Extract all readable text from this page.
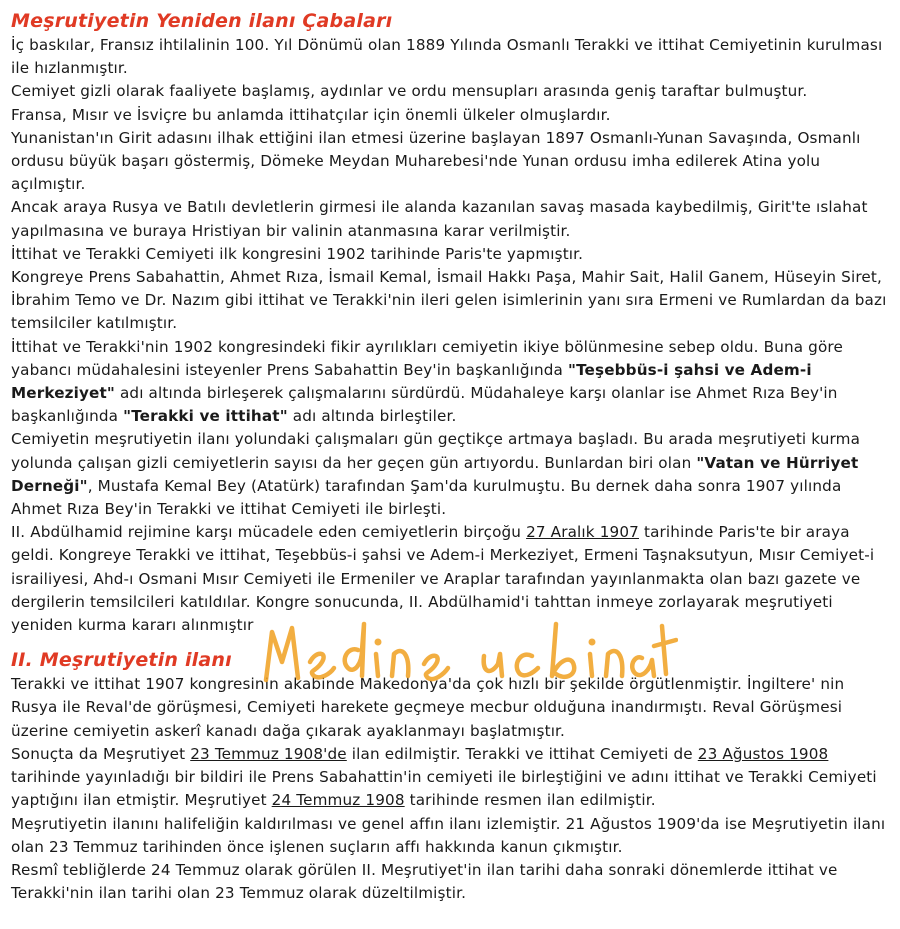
Meşrutiyetin Yeniden ilanı Çabaları

İç baskılar, Fransız ihtilalinin 100. Yıl Dönümü olan 1889 Yılında Osmanlı Terakki ve ittihat Cemiyetinin kurulması ile hızlanmıştır.

Cemiyet gizli olarak faaliyete başlamış, aydınlar ve ordu mensupları arasında geniş taraftar bulmuştur.

Fransa, Mısır ve İsviçre bu anlamda ittihatçılar için önemli ülkeler olmuşlardır.

Yunanistan'ın Girit adasını ilhak ettiğini ilan etmesi üzerine başlayan 1897 Osmanlı-Yunan Savaşında, Osmanlı ordusu büyük başarı göstermiş, Dömeke Meydan Muharebesi'nde Yunan ordusu imha edilerek Atina yolu açılmıştır.

Ancak araya Rusya ve Batılı devletlerin girmesi ile alanda kazanılan savaş masada kaybedilmiş, Girit'te ıslahat yapılmasına ve buraya Hristiyan bir valinin atanmasına karar verilmiştir.

İttihat ve Terakki Cemiyeti ilk kongresini 1902 tarihinde Paris'te yapmıştır.

Kongreye Prens Sabahattin, Ahmet Rıza, İsmail Kemal, İsmail Hakkı Paşa, Mahir Sait, Halil Ganem, Hüseyin Siret, İbrahim Temo ve Dr. Nazım gibi ittihat ve Terakki'nin ileri gelen isimlerinin yanı sıra Ermeni ve Rumlardan da bazı temsilciler katılmıştır.

İttihat ve Terakki'nin 1902 kongresindeki fikir ayrılıkları cemiyetin ikiye bölünmesine sebep oldu. Buna göre yabancı müdahalesini isteyenler Prens Sabahattin Bey'in başkanlığında "Teşebbüs-i şahsi ve Adem-i Merkeziyet" adı altında birleşerek çalışmalarını sürdürdü. Müdahaleye karşı olanlar ise Ahmet Rıza Bey'in başkanlığında "Terakki ve ittihat" adı altında birleştiler.

Cemiyetin meşrutiyetin ilanı yolundaki çalışmaları gün geçtikçe artmaya başladı. Bu arada meşrutiyeti kurma yolunda çalışan gizli cemiyetlerin sayısı da her geçen gün artıyordu. Bunlardan biri olan "Vatan ve Hürriyet Derneği", Mustafa Kemal Bey (Atatürk) tarafından Şam'da kurulmuştu. Bu dernek daha sonra 1907 yılında Ahmet Rıza Bey'in Terakki ve ittihat Cemiyeti ile birleşti.

II. Abdülhamid rejimine karşı mücadele eden cemiyetlerin birçoğu 27 Aralık 1907 tarihinde Paris'te bir araya geldi. Kongreye Terakki ve ittihat, Teşebbüs-i şahsi ve Adem-i Merkeziyet, Ermeni Taşnaksutyun, Mısır Cemiyet-i israiliyesi, Ahd-ı Osmani Mısır Cemiyeti ile Ermeniler ve Araplar tarafından yayınlanmakta olan bazı gazete ve dergilerin temsilcileri katıldılar. Kongre sonucunda, II. Abdülhamid'i tahttan inmeye zorlayarak meşrutiyeti yeniden kurma kararı alınmıştır

II. Meşrutiyetin ilanı

Terakki ve ittihat 1907 kongresinin akabinde Makedonya'da çok hızlı bir şekilde örgütlenmiştir. İngiltere' nin Rusya ile Reval'de görüşmesi, Cemiyeti harekete geçmeye mecbur olduğuna inandırmıştı. Reval Görüşmesi üzerine cemiyetin askerî kanadı dağa çıkarak ayaklanmayı başlatmıştır.

Sonuçta da Meşrutiyet 23 Temmuz 1908'de ilan edilmiştir. Terakki ve ittihat Cemiyeti de 23 Ağustos 1908 tarihinde yayınladığı bir bildiri ile Prens Sabahattin'in cemiyeti ile birleştiğini ve adını ittihat ve Terakki Cemiyeti yaptığını ilan etmiştir. Meşrutiyet 24 Temmuz 1908 tarihinde resmen ilan edilmiştir.

Meşrutiyetin ilanını halifeliğin kaldırılması ve genel affın ilanı izlemiştir. 21 Ağustos 1909'da ise Meşrutiyetin ilanı olan 23 Temmuz tarihinden önce işlenen suçların affı hakkında kanun çıkmıştır.

Resmî tebliğlerde 24 Temmuz olarak görülen II. Meşrutiyet'in ilan tarihi daha sonraki dönemlerde ittihat ve Terakki'nin ilan tarihi olan 23 Temmuz olarak düzeltilmiştir.
